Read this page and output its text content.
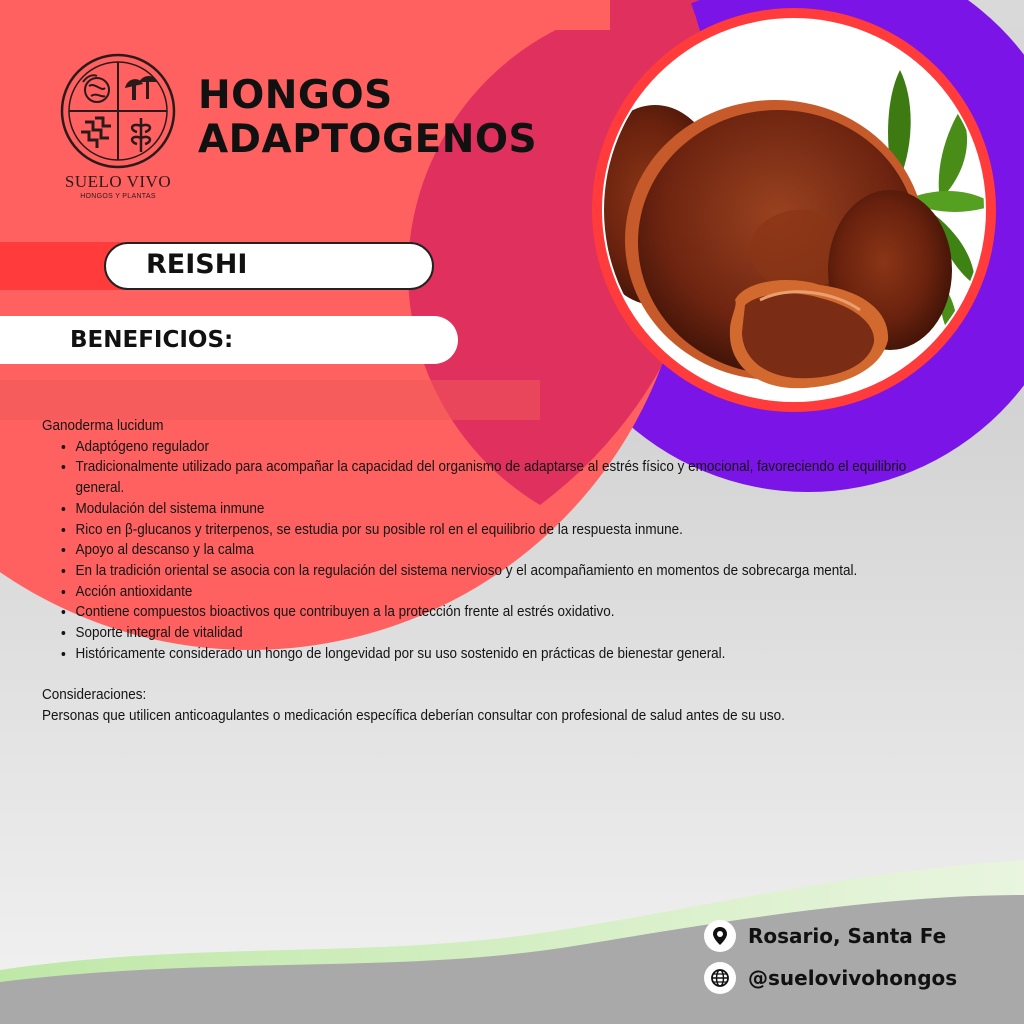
SUELO VIVO
HONGOS Y PLANTAS
HONGOS
ADAPTOGENOS
REISHI
BENEFICIOS:
Ganoderma lucidum
• Adaptógeno regulador
• Tradicionalmente utilizado para acompañar la capacidad del organismo de adaptarse al estrés físico y emocional, favoreciendo el equilibrio general.
• Modulación del sistema inmune
• Rico en β-glucanos y triterpenos, se estudia por su posible rol en el equilibrio de la respuesta inmune.
• Apoyo al descanso y la calma
• En la tradición oriental se asocia con la regulación del sistema nervioso y el acompañamiento en momentos de sobrecarga mental.
• Acción antioxidante
• Contiene compuestos bioactivos que contribuyen a la protección frente al estrés oxidativo.
• Soporte integral de vitalidad
• Históricamente considerado un hongo de longevidad por su uso sostenido en prácticas de bienestar general.
Consideraciones:
Personas que utilicen anticoagulantes o medicación específica deberían consultar con profesional de salud antes de su uso.
Rosario, Santa Fe
@suelovivohongos
